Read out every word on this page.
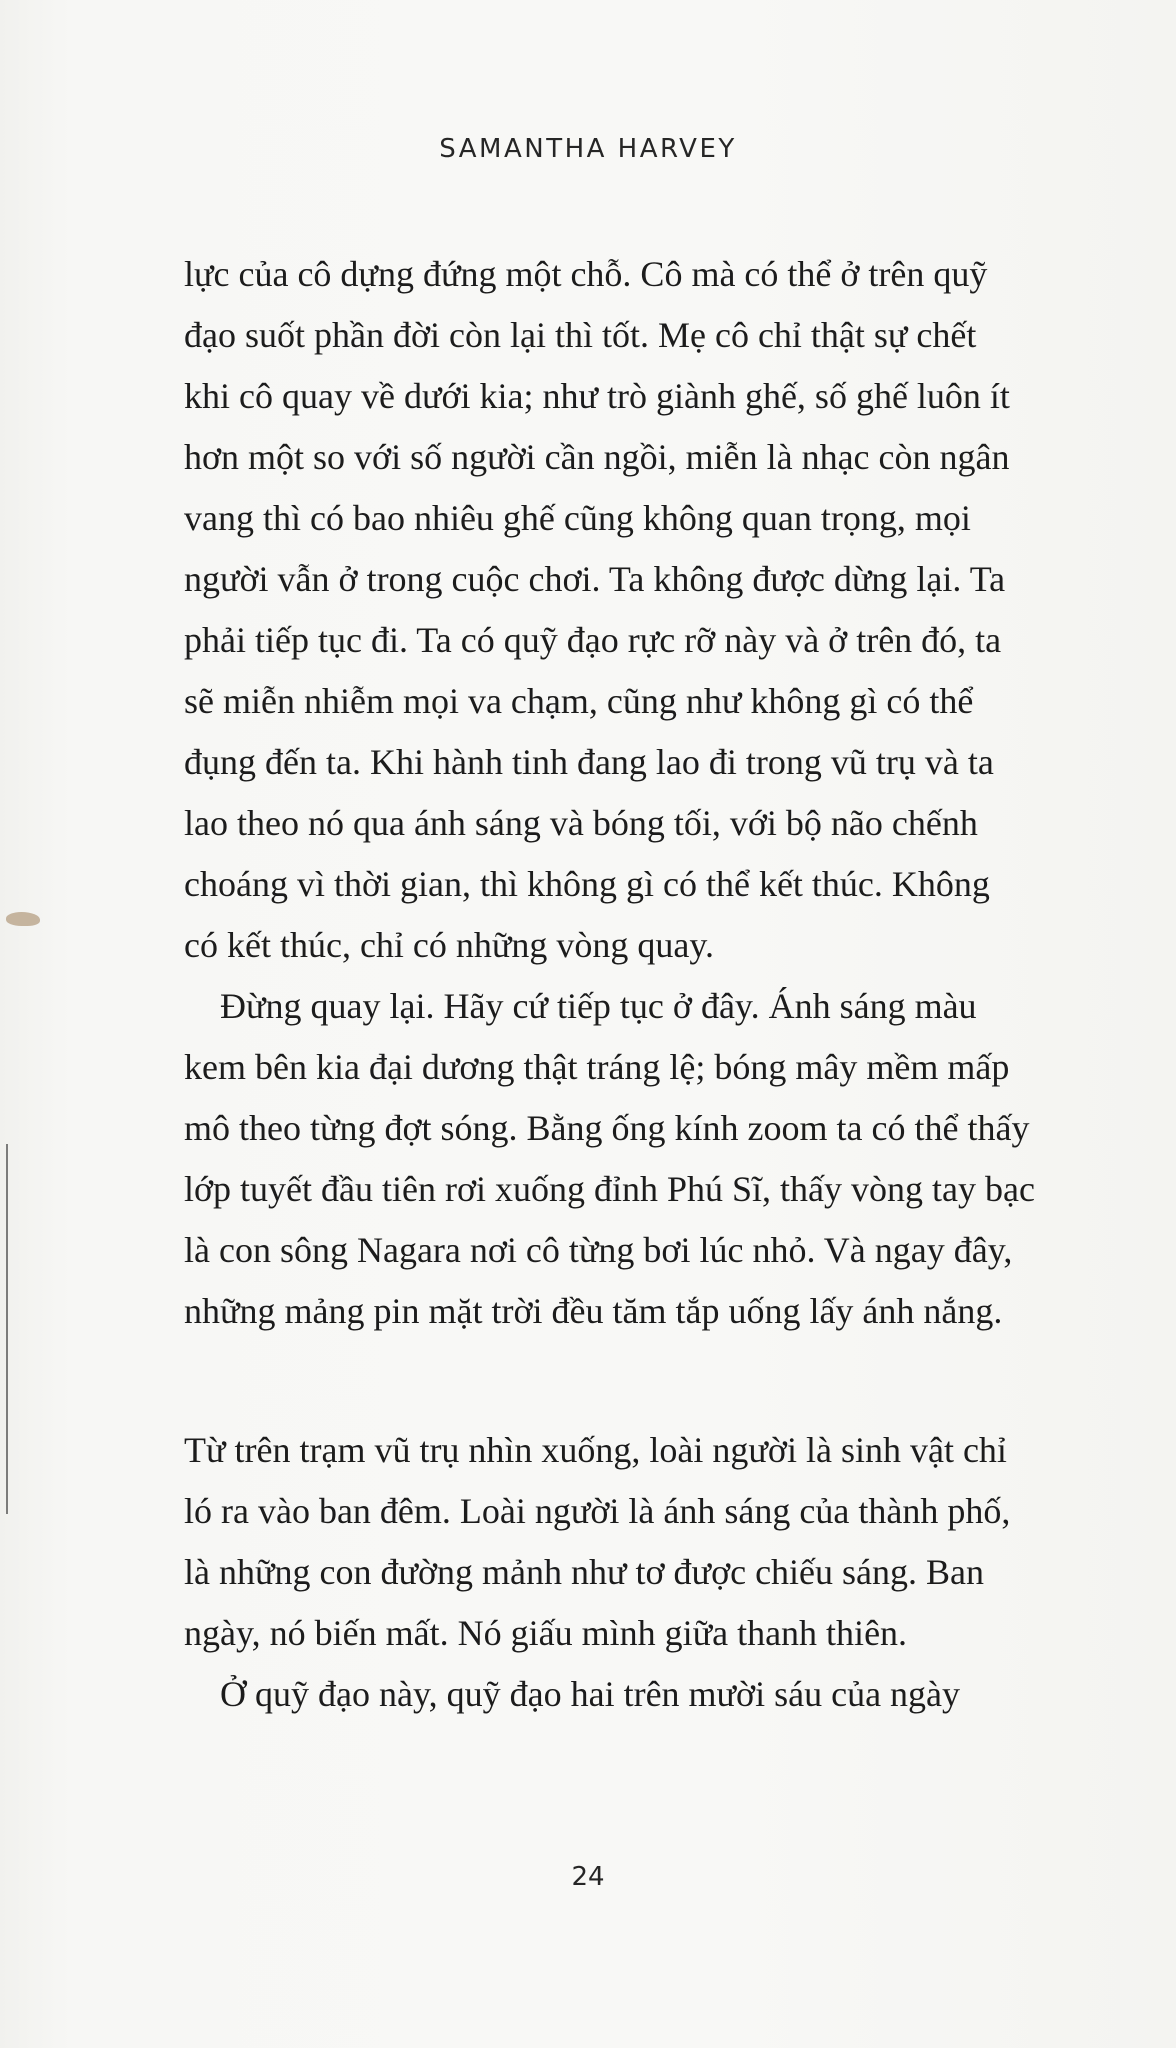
SAMANTHA HARVEY
lực của cô dựng đứng một chỗ. Cô mà có thể ở trên quỹ
đạo suốt phần đời còn lại thì tốt. Mẹ cô chỉ thật sự chết
khi cô quay về dưới kia; như trò giành ghế, số ghế luôn ít
hơn một so với số người cần ngồi, miễn là nhạc còn ngân
vang thì có bao nhiêu ghế cũng không quan trọng, mọi
người vẫn ở trong cuộc chơi. Ta không được dừng lại. Ta
phải tiếp tục đi. Ta có quỹ đạo rực rỡ này và ở trên đó, ta
sẽ miễn nhiễm mọi va chạm, cũng như không gì có thể
đụng đến ta. Khi hành tinh đang lao đi trong vũ trụ và ta
lao theo nó qua ánh sáng và bóng tối, với bộ não chếnh
choáng vì thời gian, thì không gì có thể kết thúc. Không
có kết thúc, chỉ có những vòng quay.
Đừng quay lại. Hãy cứ tiếp tục ở đây. Ánh sáng màu
kem bên kia đại dương thật tráng lệ; bóng mây mềm mấp
mô theo từng đợt sóng. Bằng ống kính zoom ta có thể thấy
lớp tuyết đầu tiên rơi xuống đỉnh Phú Sĩ, thấy vòng tay bạc
là con sông Nagara nơi cô từng bơi lúc nhỏ. Và ngay đây,
những mảng pin mặt trời đều tăm tắp uống lấy ánh nắng.
Từ trên trạm vũ trụ nhìn xuống, loài người là sinh vật chỉ
ló ra vào ban đêm. Loài người là ánh sáng của thành phố,
là những con đường mảnh như tơ được chiếu sáng. Ban
ngày, nó biến mất. Nó giấu mình giữa thanh thiên.
Ở quỹ đạo này, quỹ đạo hai trên mười sáu của ngày
24
